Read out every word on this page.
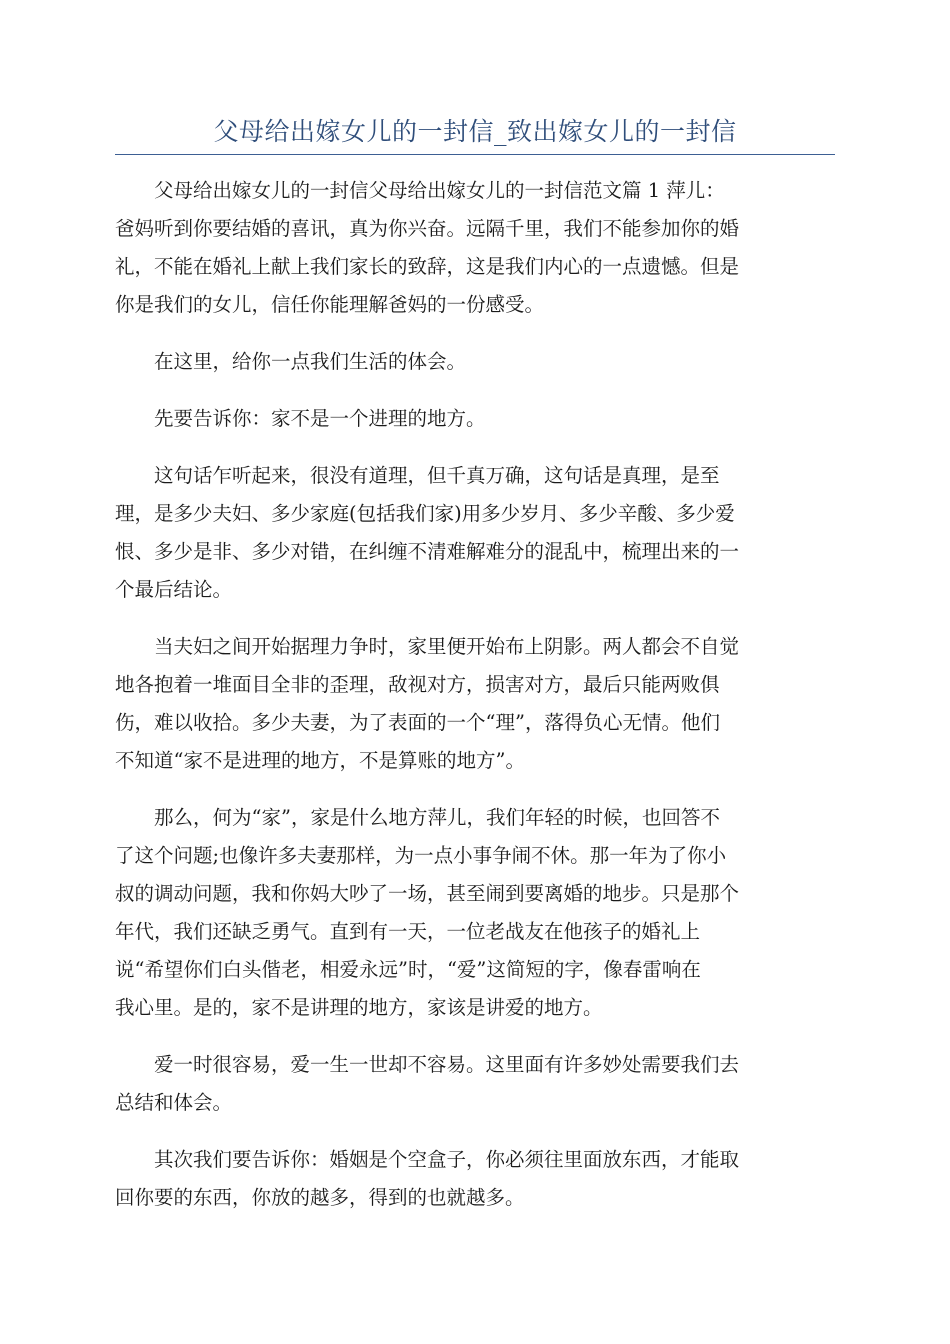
父母给出嫁女儿的一封信_致出嫁女儿的一封信

父母给出嫁女儿的一封信父母给出嫁女儿的一封信范文篇 1 萍儿：
爸妈听到你要结婚的喜讯，真为你兴奋。远隔千里，我们不能参加你的婚
礼，不能在婚礼上献上我们家长的致辞，这是我们内心的一点遗憾。但是
你是我们的女儿，信任你能理解爸妈的一份感受。

在这里，给你一点我们生活的体会。

先要告诉你：家不是一个进理的地方。

这句话乍听起来，很没有道理，但千真万确，这句话是真理，是至
理，是多少夫妇、多少家庭(包括我们家)用多少岁月、多少辛酸、多少爱
恨、多少是非、多少对错，在纠缠不清难解难分的混乱中，梳理出来的一
个最后结论。

当夫妇之间开始据理力争时，家里便开始布上阴影。两人都会不自觉
地各抱着一堆面目全非的歪理，敌视对方，损害对方，最后只能两败俱
伤，难以收拾。多少夫妻，为了表面的一个“理”，落得负心无情。他们
不知道“家不是进理的地方，不是算账的地方”。

那么，何为“家”，家是什么地方萍儿，我们年轻的时候，也回答不
了这个问题;也像许多夫妻那样，为一点小事争闹不休。那一年为了你小
叔的调动问题，我和你妈大吵了一场，甚至闹到要离婚的地步。只是那个
年代，我们还缺乏勇气。直到有一天，一位老战友在他孩子的婚礼上
说“希望你们白头偕老，相爱永远”时，“爱”这简短的字，像春雷响在
我心里。是的，家不是讲理的地方，家该是讲爱的地方。

爱一时很容易，爱一生一世却不容易。这里面有许多妙处需要我们去
总结和体会。

其次我们要告诉你：婚姻是个空盒子，你必须往里面放东西，才能取
回你要的东西，你放的越多，得到的也就越多。
